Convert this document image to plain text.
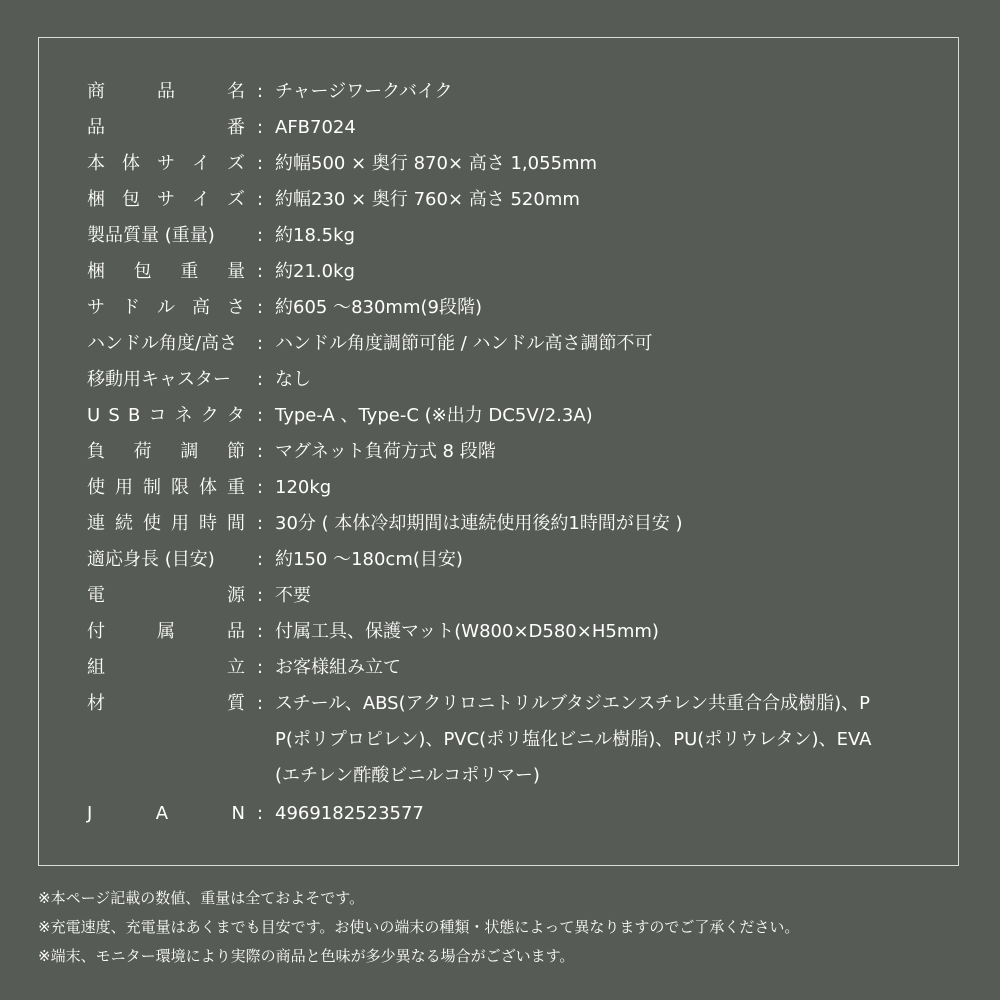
商	品	名 : チャージワークバイク
品	番 : AFB7024
本 体 サ イ ズ : 約幅500 × 奥行 870× 高さ 1,055mm
梱 包 サ イ ズ : 約幅230 × 奥行 760× 高さ 520mm
製品質量 (重量)	: 約18.5kg
梱 包 重 量 : 約21.0kg
サ ド ル 高 さ : 約605 ～830mm(9段階)
ハンドル角度/高さ	: ハンドル角度調節可能 / ハンドル高さ調節不可
移動用キャスター	: なし
U S B コ ネ ク タ : Type-A 、Type-C (※出力 DC5V/2.3A)
負 荷 調 節 : マグネット負荷方式 8 段階
使 用 制 限 体 重 : 120kg
連 続 使 用 時 間 : 30分 ( 本体冷却期間は連続使用後約1時間が目安 )
適応身長 (目安)	: 約150 ～180cm(目安)
電	源 : 不要
付	属	品 : 付属工具、保護マット(W800×D580×H5mm)
組	立 : お客様組み立て
材	質 : スチール、ABS(アクリロニトリルブタジエンスチレン共重合合成樹脂)、PP(ポリプロピレン)、PVC(ポリ塩化ビニル樹脂)、PU(ポリウレタン)、EVA(エチレン酢酸ビニルコポリマー)
J	A	N : 4969182523577
※本ページ記載の数値、重量は全ておよそです。
※充電速度、充電量はあくまでも目安です。お使いの端末の種類・状態によって異なりますのでご了承ください。
※端末、モニター環境により実際の商品と色味が多少異なる場合がございます。
